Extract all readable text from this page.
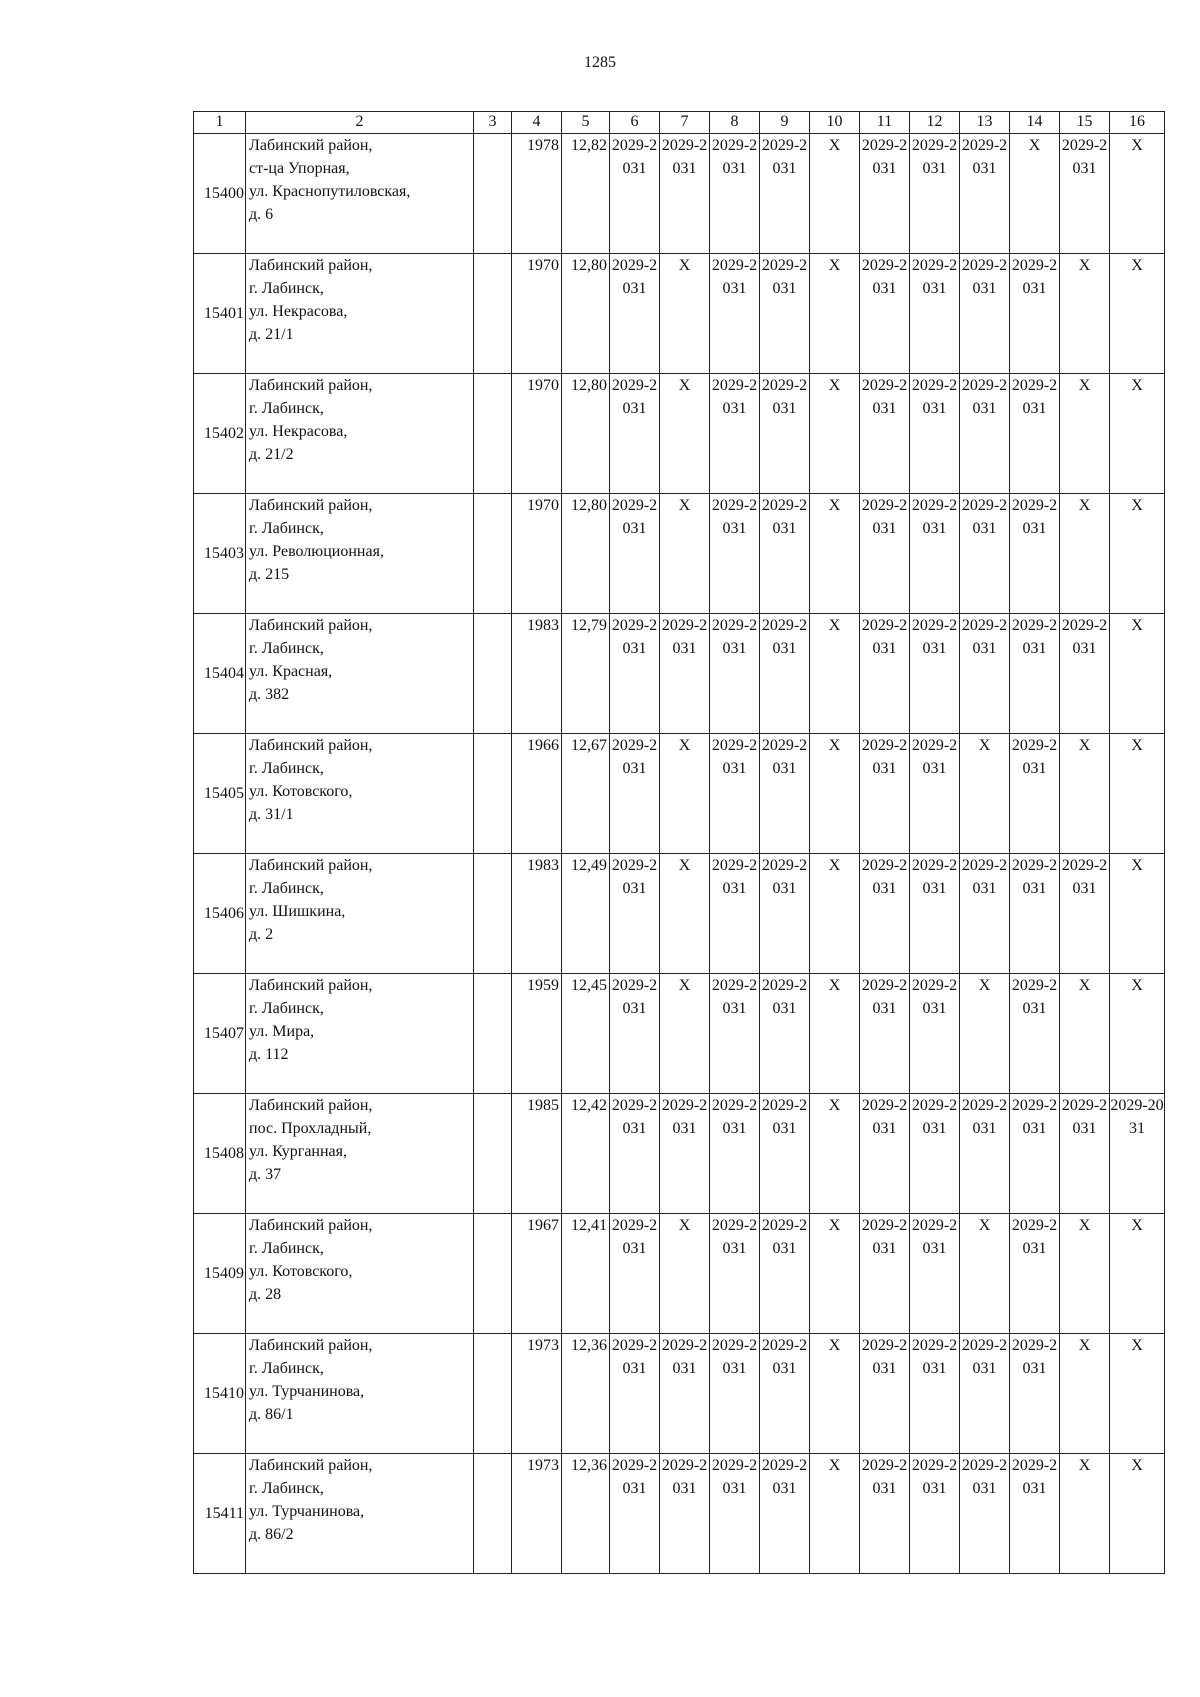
1285
1	2	3	4	5	6	7	8	9	10	11	12	13	14	15	16
15400	Лабинский район,
ст-ца Упорная,
ул. Краснопутиловская,
д. 6		1978	12,82	2029-2031	2029-2031	2029-2031	2029-2031	X	2029-2031	2029-2031	2029-2031	X	2029-2031	X
15401	Лабинский район,
г. Лабинск,
ул. Некрасова,
д. 21/1		1970	12,80	2029-2031	X	2029-2031	2029-2031	X	2029-2031	2029-2031	2029-2031	2029-2031	X	X
15402	Лабинский район,
г. Лабинск,
ул. Некрасова,
д. 21/2		1970	12,80	2029-2031	X	2029-2031	2029-2031	X	2029-2031	2029-2031	2029-2031	2029-2031	X	X
15403	Лабинский район,
г. Лабинск,
ул. Революционная,
д. 215		1970	12,80	2029-2031	X	2029-2031	2029-2031	X	2029-2031	2029-2031	2029-2031	2029-2031	X	X
15404	Лабинский район,
г. Лабинск,
ул. Красная,
д. 382		1983	12,79	2029-2031	2029-2031	2029-2031	2029-2031	X	2029-2031	2029-2031	2029-2031	2029-2031	2029-2031	X
15405	Лабинский район,
г. Лабинск,
ул. Котовского,
д. 31/1		1966	12,67	2029-2031	X	2029-2031	2029-2031	X	2029-2031	2029-2031	X	2029-2031	X	X
15406	Лабинский район,
г. Лабинск,
ул. Шишкина,
д. 2		1983	12,49	2029-2031	X	2029-2031	2029-2031	X	2029-2031	2029-2031	2029-2031	2029-2031	2029-2031	X
15407	Лабинский район,
г. Лабинск,
ул. Мира,
д. 112		1959	12,45	2029-2031	X	2029-2031	2029-2031	X	2029-2031	2029-2031	X	2029-2031	X	X
15408	Лабинский район,
пос. Прохладный,
ул. Курганная,
д. 37		1985	12,42	2029-2031	2029-2031	2029-2031	2029-2031	X	2029-2031	2029-2031	2029-2031	2029-2031	2029-2031	2029-2031
15409	Лабинский район,
г. Лабинск,
ул. Котовского,
д. 28		1967	12,41	2029-2031	X	2029-2031	2029-2031	X	2029-2031	2029-2031	X	2029-2031	X	X
15410	Лабинский район,
г. Лабинск,
ул. Турчанинова,
д. 86/1		1973	12,36	2029-2031	2029-2031	2029-2031	2029-2031	X	2029-2031	2029-2031	2029-2031	2029-2031	X	X
15411	Лабинский район,
г. Лабинск,
ул. Турчанинова,
д. 86/2		1973	12,36	2029-2031	2029-2031	2029-2031	2029-2031	X	2029-2031	2029-2031	2029-2031	2029-2031	X	X
